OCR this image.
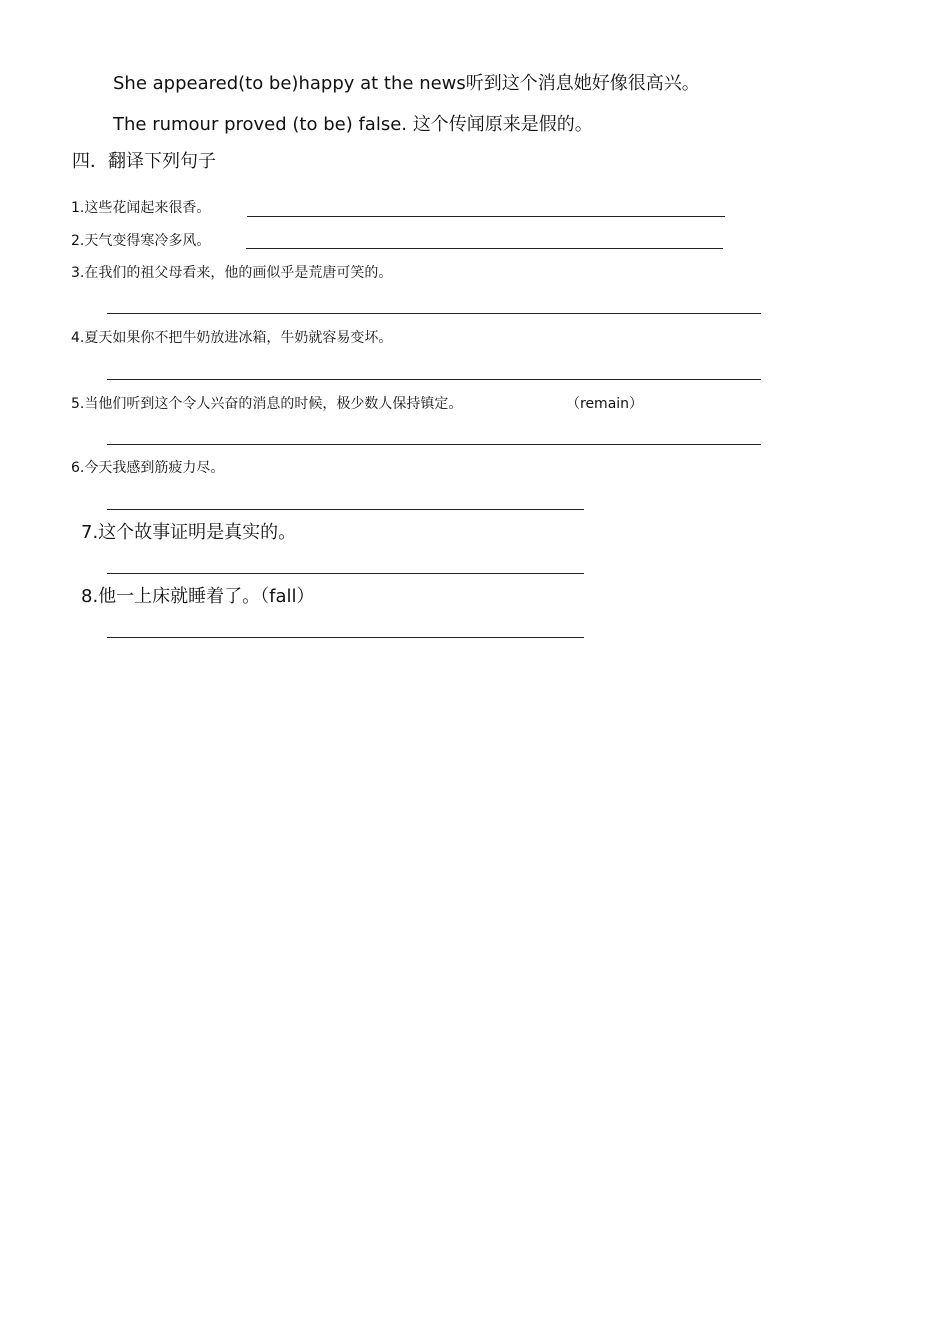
She appeared(to be)happy at the news听到这个消息她好像很高兴。
The rumour proved (to be) false. 这个传闻原来是假的。
四．翻译下列句子
1.这些花闻起来很香。
2.天气变得寒冷多风。
3.在我们的祖父母看来，他的画似乎是荒唐可笑的。
4.夏天如果你不把牛奶放进冰箱，牛奶就容易变坏。
5.当他们听到这个令人兴奋的消息的时候，极少数人保持镇定。	（remain）
6.今天我感到筋疲力尽。
7.这个故事证明是真实的。
8.他一上床就睡着了。（fall）
